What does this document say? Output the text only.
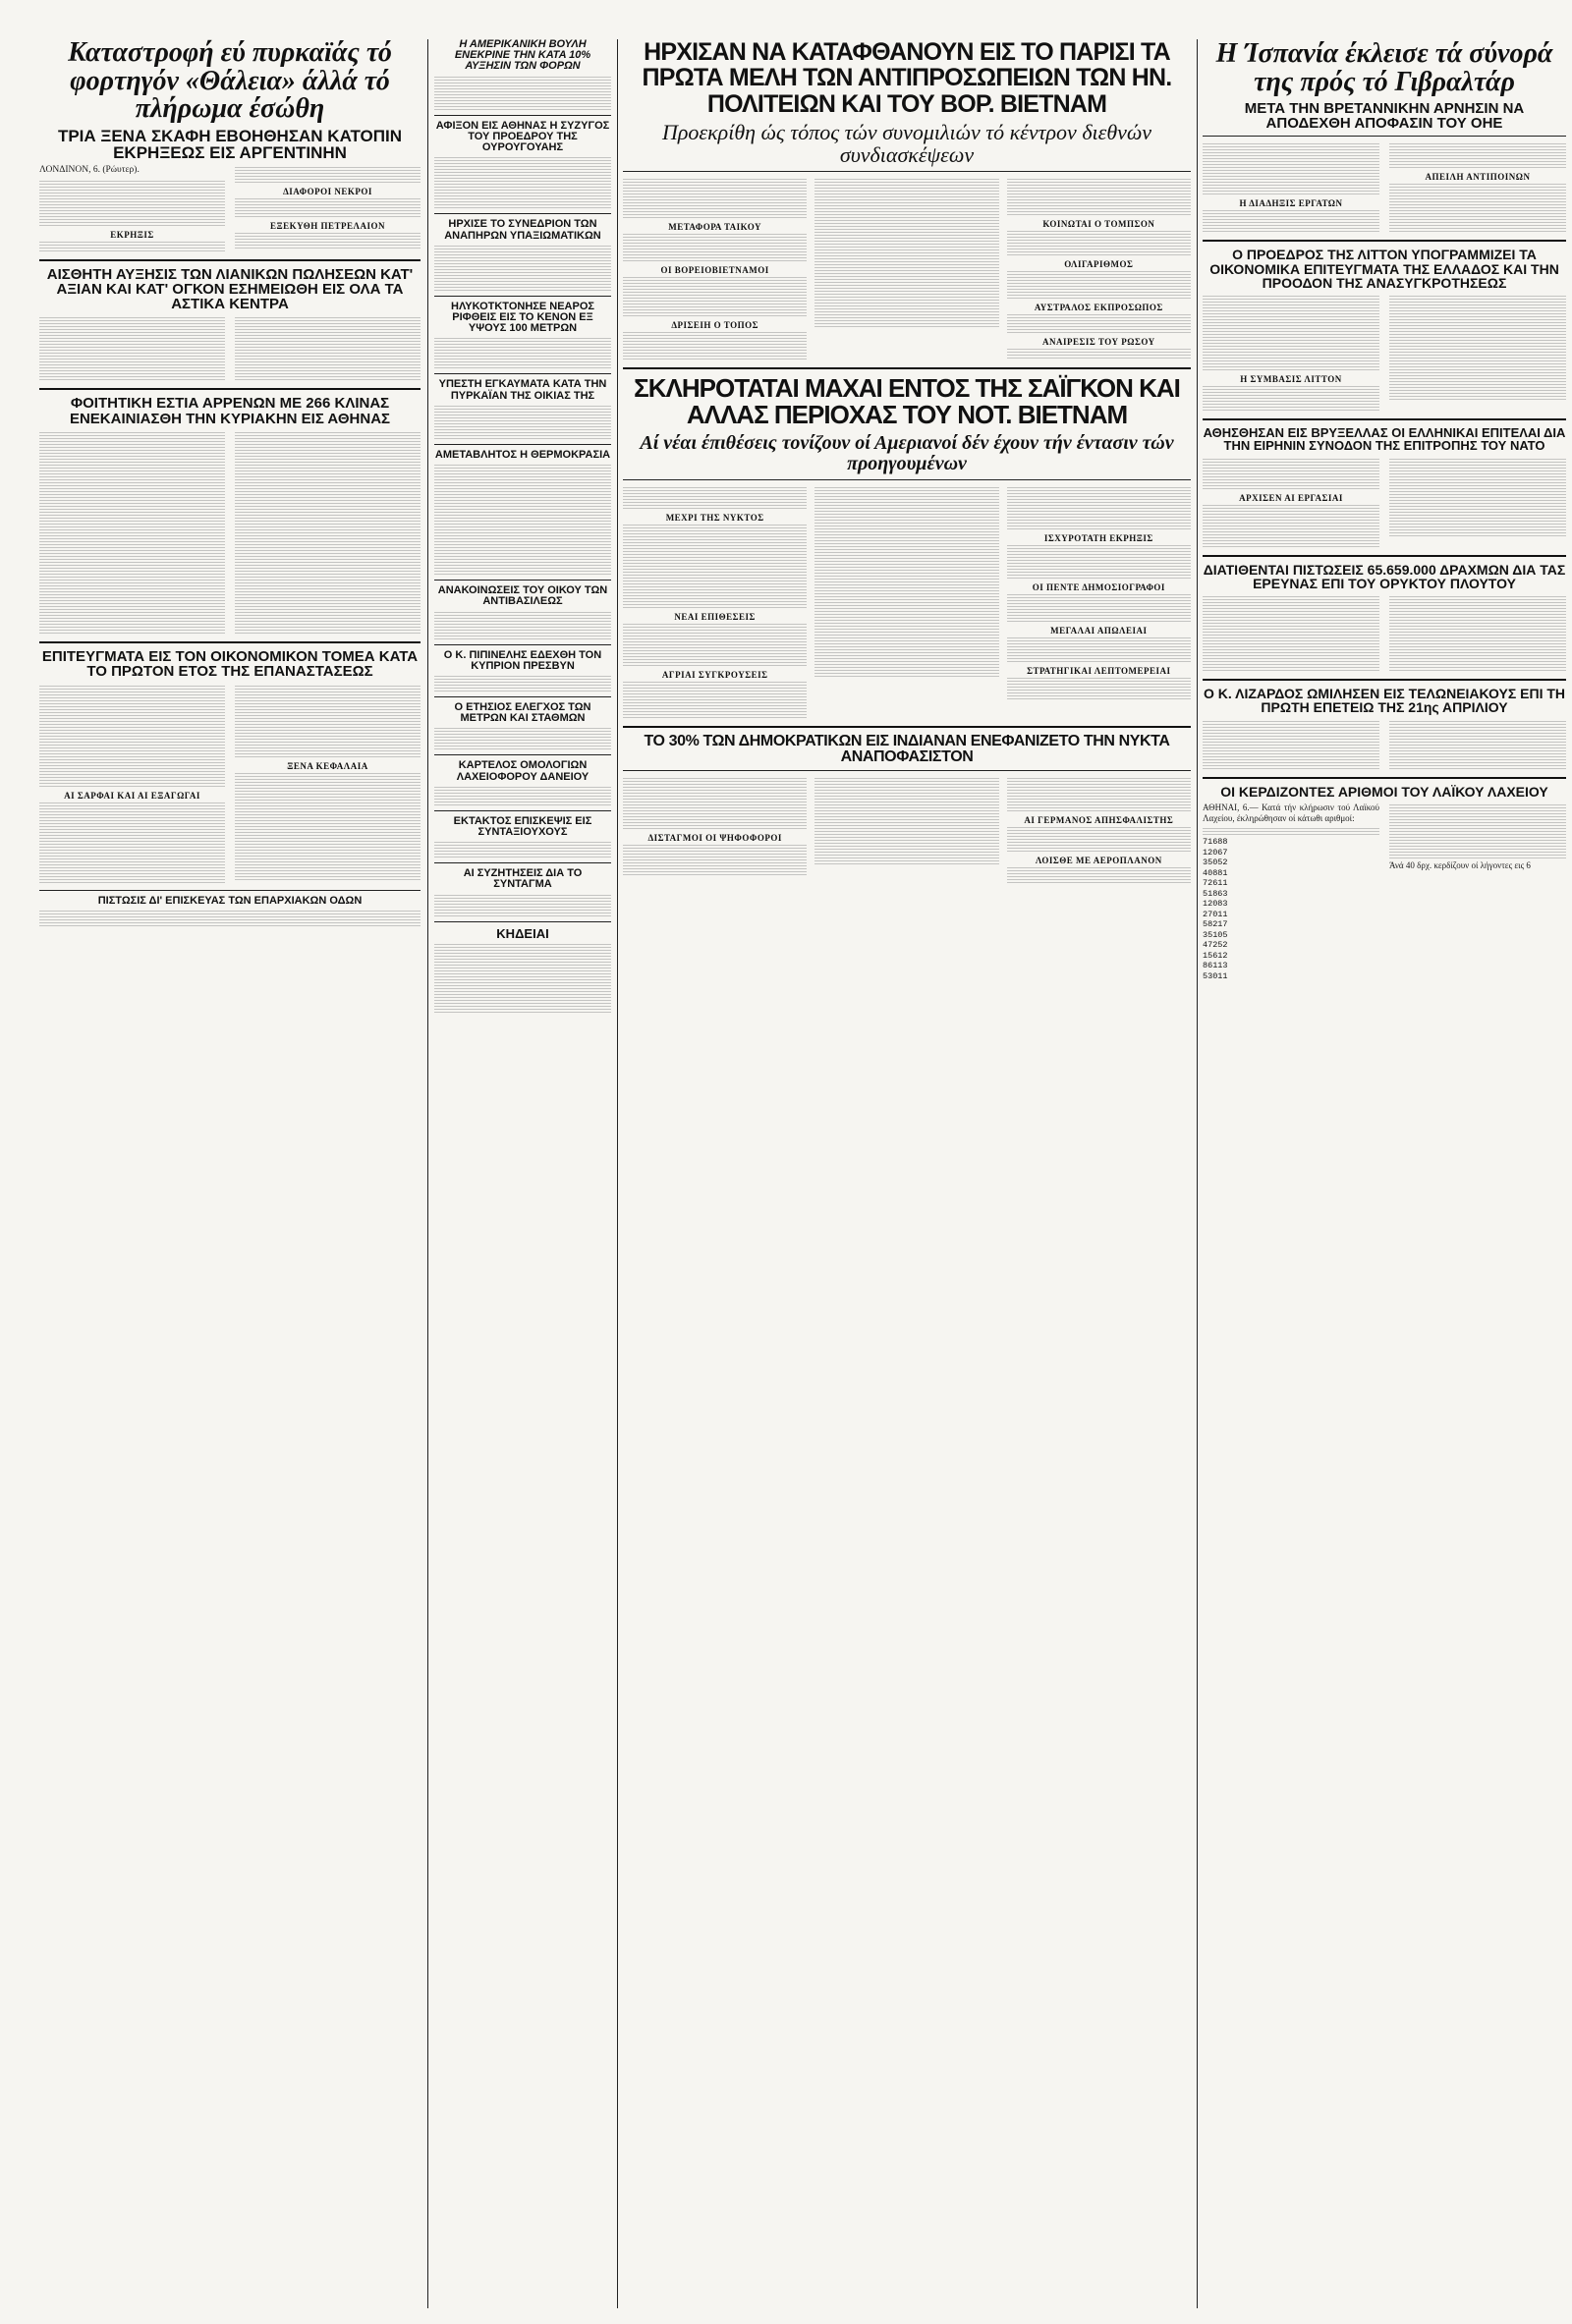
Καταστροφή εύ πυρκαϊάς τό φορτηγόν «Θάλεια» άλλά τό πλήρωμα έσώθη
ΤΡΙΑ ΞΕΝΑ ΣΚΑΦΗ ΕΒΟΗΘΗΣΑΝ ΚΑΤΟΠΙΝ ΕΚΡΗΞΕΩΣ ΕΙΣ ΑΡΓΕΝΤΙΝΗΝ
ΛΟΝΔΙΝΟΝ, 6. (Ρώυτερ).
ΕΚΡΗΞΙΣ
ΔΙΑΦΟΡΟΙ ΝΕΚΡΟΙ
ΕΞΕΚΥΘΗ ΠΕΤΡΕΛΑΙΟΝ
ΑΙΣΘΗΤΗ ΑΥΞΗΣΙΣ ΤΩΝ ΛΙΑΝΙΚΩΝ ΠΩΛΗΣΕΩΝ ΚΑΤ' ΑΞΙΑΝ ΚΑΙ ΚΑΤ' ΟΓΚΟΝ ΕΣΗΜΕΙΩΘΗ ΕΙΣ ΟΛΑ ΤΑ ΑΣΤΙΚΑ ΚΕΝΤΡΑ
ΦΟΙΤΗΤΙΚΗ ΕΣΤΙΑ ΑΡΡΕΝΩΝ ΜΕ 266 ΚΛΙΝΑΣ ΕΝΕΚΑΙΝΙΑΣΘΗ ΤΗΝ ΚΥΡΙΑΚΗΝ ΕΙΣ ΑΘΗΝΑΣ
ΕΠΙΤΕΥΓΜΑΤΑ ΕΙΣ ΤΟΝ ΟΙΚΟΝΟΜΙΚΟΝ ΤΟΜΕΑ ΚΑΤΑ ΤΟ ΠΡΩΤΟΝ ΕΤΟΣ ΤΗΣ ΕΠΑΝΑΣΤΑΣΕΩΣ
ΑΙ ΣΑΡΦΑΙ ΚΑΙ ΑΙ ΕΞΑΓΩΓΑΙ
ΞΕΝΑ ΚΕΦΑΛΑΙΑ
ΠΙΣΤΩΣΙΣ ΔΙ' ΕΠΙΣΚΕΥΑΣ ΤΩΝ ΕΠΑΡΧΙΑΚΩΝ ΟΔΩΝ
Η ΑΜΕΡΙΚΑΝΙΚΗ ΒΟΥΛΗ ΕΝΕΚΡΙΝΕ ΤΗΝ ΚΑΤΑ 10% ΑΥΞΗΣΙΝ ΤΩΝ ΦΟΡΩΝ
ΑΦΙΞΟΝ ΕΙΣ ΑΘΗΝΑΣ Η ΣΥΖΥΓΟΣ ΤΟΥ ΠΡΟΕΔΡΟΥ ΤΗΣ ΟΥΡΟΥΓΟΥΑΗΣ
ΗΡΧΙΣΕ ΤΟ ΣΥΝΕΔΡΙΟΝ ΤΩΝ ΑΝΑΠΗΡΩΝ ΥΠΑΞΙΩΜΑΤΙΚΩΝ
ΗΛΥΚΟΤΚΤΟΝΗΣΕ ΝΕΑΡΟΣ ΡΙΦΘΕΙΣ ΕΙΣ ΤΟ ΚΕΝΟΝ ΕΞ ΥΨΟΥΣ 100 ΜΕΤΡΩΝ
ΥΠΕΣΤΗ ΕΓΚΑΥΜΑΤΑ ΚΑΤΑ ΤΗΝ ΠΥΡΚΑΪΑΝ ΤΗΣ ΟΙΚΙΑΣ ΤΗΣ
ΑΜΕΤΑΒΛΗΤΟΣ Η ΘΕΡΜΟΚΡΑΣΙΑ
ΑΝΑΚΟΙΝΩΣΕΙΣ ΤΟΥ ΟΙΚΟΥ ΤΩΝ ΑΝΤΙΒΑΣΙΛΕΩΣ
Ο Κ. ΠΙΠΙΝΕΛΗΣ ΕΔΕΧΘΗ ΤΟΝ ΚΥΠΡΙΟΝ ΠΡΕΣΒΥΝ
Ο ΕΤΗΣΙΟΣ ΕΛΕΓΧΟΣ ΤΩΝ ΜΕΤΡΩΝ ΚΑΙ ΣΤΑΘΜΩΝ
ΚΑΡΤΕΛΟΣ ΟΜΟΛΟΓΙΩΝ ΛΑΧΕΙΟΦΟΡΟΥ ΔΑΝΕΙΟΥ
ΕΚΤΑΚΤΟΣ ΕΠΙΣΚΕΨΙΣ ΕΙΣ ΣΥΝΤΑΞΙΟΥΧΟΥΣ
ΑΙ ΣΥΖΗΤΗΣΕΙΣ ΔΙΑ ΤΟ ΣΥΝΤΑΓΜΑ
ΚΗΔΕΙΑΙ
ΗΡΧΙΣΑΝ ΝΑ ΚΑΤΑΦΘΑΝΟΥΝ ΕΙΣ ΤΟ ΠΑΡΙΣΙ ΤΑ ΠΡΩΤΑ ΜΕΛΗ ΤΩΝ ΑΝΤΙΠΡΟΣΩΠΕΙΩΝ ΤΩΝ ΗΝ. ΠΟΛΙΤΕΙΩΝ ΚΑΙ ΤΟΥ ΒΟΡ. ΒΙΕΤΝΑΜ
Προεκρίθη ώς τόπος τών συνομιλιών τό κέντρον διεθνών συνδιασκέψεων
ΜΕΤΑΦΟΡΑ ΤΑΙΚΟΥ
ΟΙ ΒΟΡΕΙΟΒΙΕΤΝΑΜΟΙ
ΔΡΙΣΕΙΗ Ο ΤΟΠΟΣ
ΚΟΙΝΩΤΑΙ Ο ΤΟΜΠΣΟΝ
ΟΛΙΓΑΡΙΘΜΟΣ
ΑΥΣΤΡΑΛΟΣ ΕΚΠΡΟΣΩΠΟΣ
ΑΝΑΙΡΕΣΙΣ ΤΟΥ ΡΩΣΟΥ
ΣΚΛΗΡΟΤΑΤΑΙ ΜΑΧΑΙ ΕΝΤΟΣ ΤΗΣ ΣΑΪΓΚΟΝ ΚΑΙ ΑΛΛΑΣ ΠΕΡΙΟΧΑΣ ΤΟΥ ΝΟΤ. ΒΙΕΤΝΑΜ
Αί νέαι έπιθέσεις τονίζουν οί Αμεριανοί δέν έχουν τήν έντασιν τών προηγουμένων
ΜΕΧΡΙ ΤΗΣ ΝΥΚΤΟΣ
ΝΕΑΙ ΕΠΙΘΕΣΕΙΣ
ΑΓΡΙΑΙ ΣΥΓΚΡΟΥΣΕΙΣ
ΙΣΧΥΡΟΤΑΤΗ ΕΚΡΗΞΙΣ
ΟΙ ΠΕΝΤΕ ΔΗΜΟΣΙΟΓΡΑΦΟΙ
ΜΕΓΑΛΑΙ ΑΠΩΛΕΙΑΙ
ΣΤΡΑΤΗΓΙΚΑΙ ΛΕΠΤΟΜΕΡΕΙΑΙ
ΤΟ 30% ΤΩΝ ΔΗΜΟΚΡΑΤΙΚΩΝ ΕΙΣ ΙΝΔΙΑΝΑΝ ΕΝΕΦΑΝΙΖΕΤΟ ΤΗΝ ΝΥΚΤΑ ΑΝΑΠΟΦΑΣΙΣΤΟΝ
ΔΙΣΤΑΓΜΟΙ ΟΙ ΨΗΦΟΦΟΡΟΙ
ΑΙ ΓΕΡΜΑΝΟΣ ΑΠΗΣΦΑΛΙΣΤΗΣ
ΛΟΙΣΘΕ ΜΕ ΑΕΡΟΠΛΑΝΟΝ
Η Ίσπανία έκλεισε τά σύνορά της πρός τό Γιβραλτάρ
ΜΕΤΑ ΤΗΝ ΒΡΕΤΑΝΝΙΚΗΝ ΑΡΝΗΣΙΝ ΝΑ ΑΠΟΔΕΧΘΗ ΑΠΟΦΑΣΙΝ ΤΟΥ ΟΗΕ
Η ΔΙΑΔΗΞΙΣ ΕΡΓΑΤΩΝ
ΑΠΕΙΛΗ ΑΝΤΙΠΟΙΝΩΝ
Ο ΠΡΟΕΔΡΟΣ ΤΗΣ ΛΙΤΤΟΝ ΥΠΟΓΡΑΜΜΙΖΕΙ ΤΑ ΟΙΚΟΝΟΜΙΚΑ ΕΠΙΤΕΥΓΜΑΤΑ ΤΗΣ ΕΛΛΑΔΟΣ ΚΑΙ ΤΗΝ ΠΡΟΟΔΟΝ ΤΗΣ ΑΝΑΣΥΓΚΡΟΤΗΣΕΩΣ
Η ΣΥΜΒΑΣΙΣ ΛΙΤΤΟΝ
ΑΘΗΣΘΗΣΑΝ ΕΙΣ ΒΡΥΞΕΛΛΑΣ ΟΙ ΕΛΛΗΝΙΚΑΙ ΕΠΙΤΕΛΑΙ ΔΙΑ ΤΗΝ ΕΙΡΗΝΙΝ ΣΥΝΟΔΟΝ ΤΗΣ ΕΠΙΤΡΟΠΗΣ ΤΟΥ ΝΑΤΟ
ΑΡΧΙΣΕΝ ΑΙ ΕΡΓΑΣΙΑΙ
ΔΙΑΤΙΘΕΝΤΑΙ ΠΙΣΤΩΣΕΙΣ 65.659.000 ΔΡΑΧΜΩΝ ΔΙΑ ΤΑΣ ΕΡΕΥΝΑΣ ΕΠΙ ΤΟΥ ΟΡΥΚΤΟΥ ΠΛΟΥΤΟΥ
Ο Κ. ΛΙΖΑΡΔΟΣ ΩΜΙΛΗΣΕΝ ΕΙΣ ΤΕΛΩΝΕΙΑΚΟΥΣ ΕΠΙ ΤΗ ΠΡΩΤΗ ΕΠΕΤΕΙΩ ΤΗΣ 21ης ΑΠΡΙΛΙΟΥ
ΟΙ ΚΕΡΔΙΖΟΝΤΕΣ ΑΡΙΘΜΟΙ ΤΟΥ ΛΑΪΚΟΥ ΛΑΧΕΙΟΥ
ΑΘΗΝΑΙ, 6.— Κατά τήν κλήρωσιν τού Λαϊκού Λαχείου, έκληρώθησαν οί κάτωθι αριθμοί:
71688
12067
35052
40881
72611
51863
12083
27011
58217
35105
47252
15612
86113
53011
Άνά 40 δρχ. κερδίζουν οί λήγοντες εις 6
